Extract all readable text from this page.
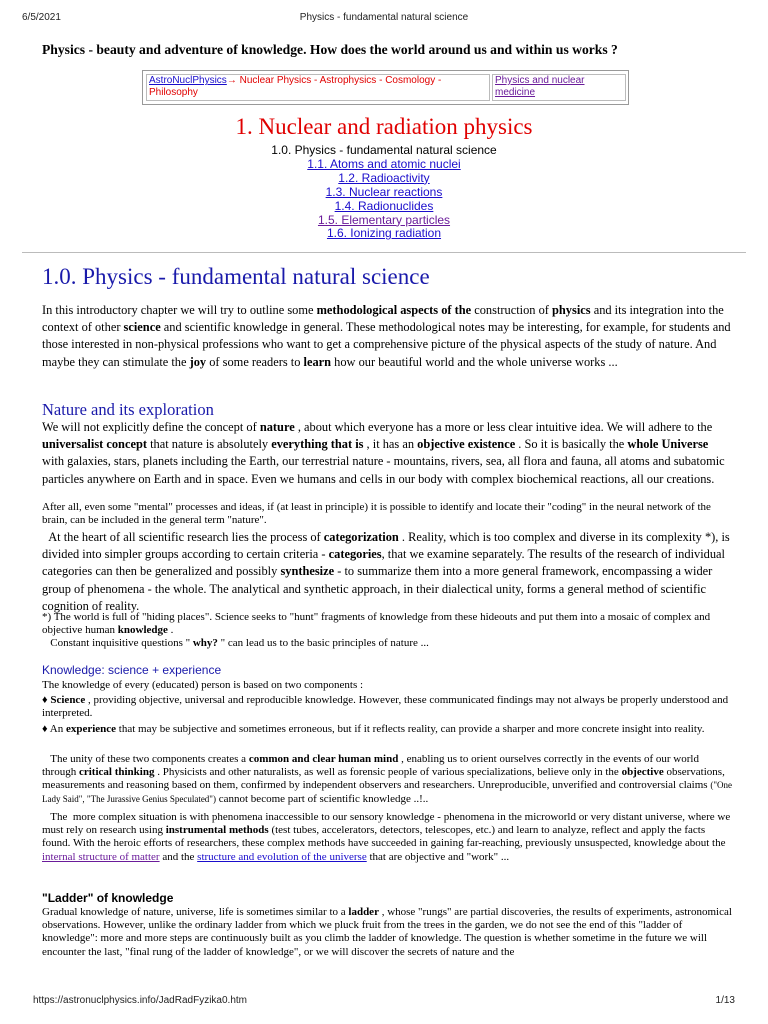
6/5/2021	Physics - fundamental natural science
Physics - beauty and adventure of knowledge. How does the world around us and within us works ?
AstroNuclPhysics→ Nuclear Physics - Astrophysics - Cosmology - Philosophy
Physics and nuclear medicine
1. Nuclear and radiation physics
1.0. Physics - fundamental natural science
1.1. Atoms and atomic nuclei
1.2. Radioactivity
1.3. Nuclear reactions
1.4. Radionuclides
1.5. Elementary particles
1.6. Ionizing radiation
1.0. Physics - fundamental natural science

In this introductory chapter we will try to outline some methodological aspects of the construction of physics and its integration into the context of other science and scientific knowledge in general. These methodological notes may be interesting, for example, for students and those interested in non-physical professions who want to get a comprehensive picture of the physical aspects of the study of nature. And maybe they can stimulate the joy of some readers to learn how our beautiful world and the whole universe works ...

Nature and its exploration

We will not explicitly define the concept of nature , about which everyone has a more or less clear intuitive idea. We will adhere to the universalist concept that nature is absolutely everything that is , it has an objective existence . So it is basically the whole Universe with galaxies, stars, planets including the Earth, our terrestrial nature - mountains, rivers, sea, all flora and fauna, all atoms and subatomic particles anywhere on Earth and in space. Even we humans and cells in our body with complex biochemical reactions, all our creations.

After all, even some "mental" processes and ideas, if (at least in principle) it is possible to identify and locate their "coding" in the neural network of the brain, can be included in the general term "nature".

At the heart of all scientific research lies the process of categorization . Reality, which is too complex and diverse in its complexity *), is divided into simpler groups according to certain criteria - categories, that we examine separately. The results of the research of individual categories can then be generalized and possibly synthesize - to summarize them into a more general framework, encompassing a wider group of phenomena - the whole. The analytical and synthetic approach, in their dialectical unity, forms a general method of scientific cognition of reality.

*) The world is full of "hiding places". Science seeks to "hunt" fragments of knowledge from these hideouts and put them into a mosaic of complex and objective human knowledge .
Constant inquisitive questions " why? " can lead us to the basic principles of nature ...

Knowledge: science + experience

The knowledge of every (educated) person is based on two components :

♦ Science , providing objective, universal and reproducible knowledge. However, these communicated findings may not always be properly understood and interpreted.

♦ An experience that may be subjective and sometimes erroneous, but if it reflects reality, can provide a sharper and more concrete insight into reality.

The unity of these two components creates a common and clear human mind , enabling us to orient ourselves correctly in the events of our world through critical thinking . Physicists and other naturalists, as well as forensic people of various specializations, believe only in the objective observations, measurements and reasoning based on them, confirmed by independent observers and researchers. Unreproducible, unverified and controversial claims ("One Lady Said", "The Jurassive Genius Speculated") cannot become part of scientific knowledge ..!..

The  more complex situation is with phenomena inaccessible to our sensory knowledge - phenomena in the microworld or very distant universe, where we must rely on research using instrumental methods (test tubes, accelerators, detectors, telescopes, etc.) and learn to analyze, reflect and apply the facts found. With the heroic efforts of researchers, these complex methods have succeeded in gaining far-reaching, previously unsuspected, knowledge about the internal structure of matter and the structure and evolution of the universe that are objective and "work" ...

"Ladder" of knowledge

Gradual knowledge of nature, universe, life is sometimes similar to a ladder , whose "rungs" are partial discoveries, the results of experiments, astronomical observations. However, unlike the ordinary ladder from which we pluck fruit from the trees in the garden, we do not see the end of this "ladder of knowledge": more and more steps are continuously built as you climb the ladder of knowledge. The question is whether sometime in the future we will encounter the last, "final rung of the ladder of knowledge", or we will discover the secrets of nature and the

https://astronuclphysics.info/JadRadFyzika0.htm	1/13
